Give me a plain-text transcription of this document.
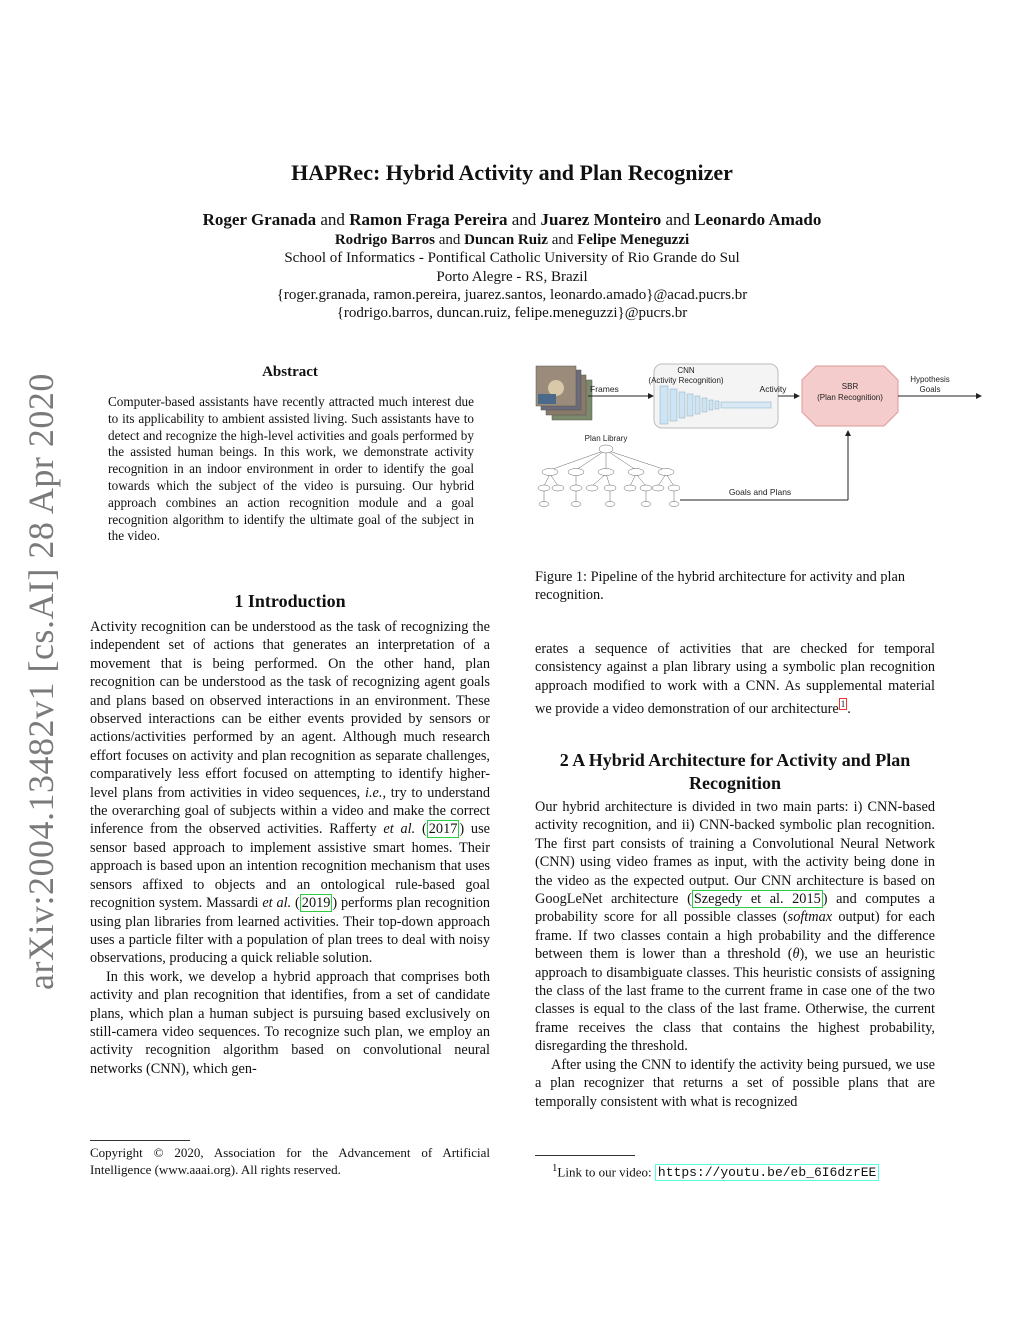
arXiv:2004.13482v1 [cs.AI] 28 Apr 2020
HAPRec: Hybrid Activity and Plan Recognizer
Roger Granada and Ramon Fraga Pereira and Juarez Monteiro and Leonardo Amado
Rodrigo Barros and Duncan Ruiz and Felipe Meneguzzi
School of Informatics - Pontifical Catholic University of Rio Grande do Sul
Porto Alegre - RS, Brazil
{roger.granada, ramon.pereira, juarez.santos, leonardo.amado}@acad.pucrs.br
{rodrigo.barros, duncan.ruiz, felipe.meneguzzi}@pucrs.br
Abstract
Computer-based assistants have recently attracted much interest due to its applicability to ambient assisted living. Such assistants have to detect and recognize the high-level activities and goals performed by the assisted human beings. In this work, we demonstrate activity recognition in an indoor environment in order to identify the goal towards which the subject of the video is pursuing. Our hybrid approach combines an action recognition module and a goal recognition algorithm to identify the ultimate goal of the subject in the video.
1 Introduction

Activity recognition can be understood as the task of recognizing the independent set of actions that generates an interpretation of a movement that is being performed. On the other hand, plan recognition can be understood as the task of recognizing agent goals and plans based on observed interactions in an environment. These observed interactions can be either events provided by sensors or actions/activities performed by an agent. Although much research effort focuses on activity and plan recognition as separate challenges, comparatively less effort focused on attempting to identify higher-level plans from activities in video sequences, i.e., try to understand the overarching goal of subjects within a video and make the correct inference from the observed activities. Rafferty et al. ( 2017 ) use sensor based approach to implement assistive smart homes. Their approach is based upon an intention recognition mechanism that uses sensors affixed to objects and an ontological rule-based goal recognition system. Massardi et al. ( 2019 ) performs plan recognition using plan libraries from learned activities. Their top-down approach uses a particle filter with a population of plan trees to deal with noisy observations, producing a quick reliable solution.

In this work, we develop a hybrid approach that comprises both activity and plan recognition that identifies, from a set of candidate plans, which plan a human subject is pursuing based exclusively on still-camera video sequences. To recognize such plan, we employ an activity recognition algorithm based on convolutional neural networks (CNN), which gen-

Copyright © 2020, Association for the Advancement of Artificial Intelligence (www.aaai.org). All rights reserved.
Frames
CNN
(Activity Recognition)
Activity	SBR
(Plan Recognition)
Hypothesis
Goals
Plan Library
Goals and Plans
Figure 1: Pipeline of the hybrid architecture for activity and plan recognition.

erates a sequence of activities that are checked for temporal consistency against a plan library using a symbolic plan recognition approach modified to work with a CNN. As supplemental material we provide a video demonstration of our architecture $^1$ .

2 A Hybrid Architecture for Activity and Plan Recognition

Our hybrid architecture is divided in two main parts: i) CNN-based activity recognition, and ii) CNN-backed symbolic plan recognition. The first part consists of training a Convolutional Neural Network (CNN) using video frames as input, with the activity being done in the video as the expected output. Our CNN architecture is based on GoogLeNet architecture ( Szegedy et al. 2015 ) and computes a probability score for all possible classes (softmax output) for each frame. If two classes contain a high probability and the difference between them is lower than a threshold (θ), we use an heuristic approach to disambiguate classes. This heuristic consists of assigning the class of the last frame to the current frame in case one of the two classes is equal to the class of the last frame. Otherwise, the current frame receives the class that contains the highest probability, disregarding the threshold.

After using the CNN to identify the activity being pursued, we use a plan recognizer that returns a set of possible plans that are temporally consistent with what is recognized

$^1$Link to our video: https://youtu.be/eb_6I6dzrEE
